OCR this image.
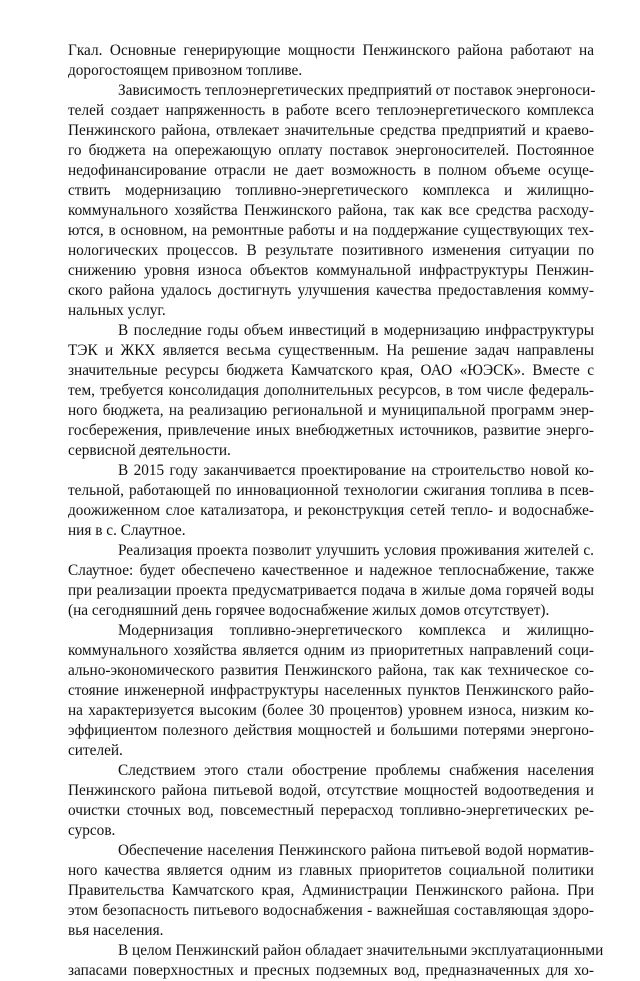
Гкал. Основные генерирующие мощности Пенжинского района работают на
дорогостоящем привозном топливе.
Зависимость теплоэнергетических предприятий от поставок энергоноси-
телей создает напряженность в работе всего теплоэнергетического комплекса
Пенжинского района, отвлекает значительные средства предприятий и краево-
го бюджета на опережающую оплату поставок энергоносителей. Постоянное
недофинансирование отрасли не дает возможность в полном объеме осуще-
ствить модернизацию топливно-энергетического комплекса и жилищно-
коммунального хозяйства Пенжинского района, так как все средства расходу-
ются, в основном, на ремонтные работы и на поддержание существующих тех-
нологических процессов. В результате позитивного изменения ситуации по
снижению уровня износа объектов коммунальной инфраструктуры Пенжин-
ского района удалось достигнуть улучшения качества предоставления комму-
нальных услуг.
В последние годы объем инвестиций в модернизацию инфраструктуры
ТЭК и ЖКХ является весьма существенным. На решение задач направлены
значительные ресурсы бюджета Камчатского края, ОАО «ЮЭСК». Вместе с
тем, требуется консолидация дополнительных ресурсов, в том числе федераль-
ного бюджета, на реализацию региональной и муниципальной программ энер-
госбережения, привлечение иных внебюджетных источников, развитие энерго-
сервисной деятельности.
В 2015 году заканчивается проектирование на строительство новой ко-
тельной, работающей по инновационной технологии сжигания топлива в псев-
доожиженном слое катализатора, и реконструкция сетей тепло- и водоснабже-
ния в с. Слаутное.
Реализация проекта позволит улучшить условия проживания жителей с.
Слаутное: будет обеспечено качественное и надежное теплоснабжение, также
при реализации проекта предусматривается подача в жилые дома горячей воды
(на сегодняшний день горячее водоснабжение жилых домов отсутствует).
Модернизация топливно-энергетического комплекса и жилищно-
коммунального хозяйства является одним из приоритетных направлений соци-
ально-экономического развития Пенжинского района, так как техническое со-
стояние инженерной инфраструктуры населенных пунктов Пенжинского райо-
на характеризуется высоким (более 30 процентов) уровнем износа, низким ко-
эффициентом полезного действия мощностей и большими потерями энергоно-
сителей.
Следствием этого стали обострение проблемы снабжения населения
Пенжинского района питьевой водой, отсутствие мощностей водоотведения и
очистки сточных вод, повсеместный перерасход топливно-энергетических ре-
сурсов.
Обеспечение населения Пенжинского района питьевой водой норматив-
ного качества является одним из главных приоритетов социальной политики
Правительства Камчатского края, Администрации Пенжинского района. При
этом безопасность питьевого водоснабжения - важнейшая составляющая здоро-
вья населения.
В целом Пенжинский район обладает значительными эксплуатационными
запасами поверхностных и пресных подземных вод, предназначенных для хо-
